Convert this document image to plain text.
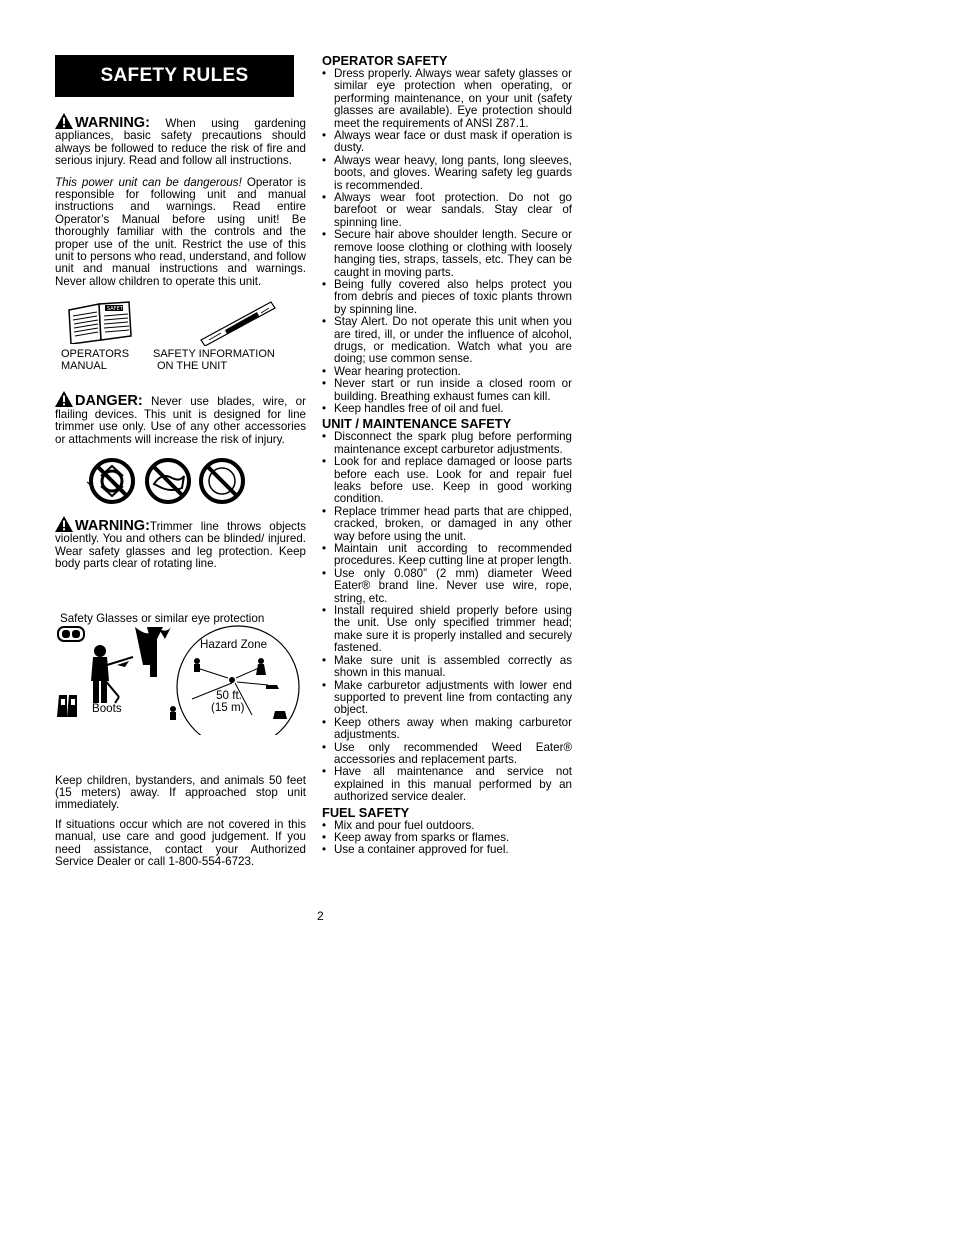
SAFETY RULES

WARNING: When using gardening appliances, basic safety precautions should always be followed to reduce the risk of fire and serious injury. Read and follow all instructions.

This power unit can be dangerous! Operator is responsible for following unit and manual instructions and warnings. Read entire Operator’s Manual before using unit! Be thoroughly familiar with the controls and the proper use of the unit. Restrict the use of this unit to persons who read, understand, and follow unit and manual instructions and warnings. Never allow children to operate this unit.

SAFETY
OPERATORS
MANUAL
SAFETY INFORMATION
ON THE UNIT

DANGER: Never use blades, wire, or flailing devices. This unit is designed for line trimmer use only. Use of any other accessories or attachments will increase the risk of injury.

WARNING:Trimmer line throws objects violently. You and others can be blinded/ injured. Wear safety glasses and leg protection. Keep body parts clear of rotating line.

Safety Glasses or similar eye protection
Hazard Zone
50 ft.
(15 m)
Boots

Keep children, bystanders, and animals 50 feet (15 meters) away. If approached stop unit immediately.

If situations occur which are not covered in this manual, use care and good judgement. If you need assistance, contact your Authorized Service Dealer or call 1-800-554-6723.

OPERATOR SAFETY
• Dress properly. Always wear safety glasses or similar eye protection when operating, or performing maintenance, on your unit (safety glasses are available). Eye protection should meet the requirements of ANSI Z87.1.
• Always wear face or dust mask if operation is dusty.
• Always wear heavy, long pants, long sleeves, boots, and gloves. Wearing safety leg guards is recommended.
• Always wear foot protection. Do not go barefoot or wear sandals. Stay clear of spinning line.
• Secure hair above shoulder length. Secure or remove loose clothing or clothing with loosely hanging ties, straps, tassels, etc. They can be caught in moving parts.
• Being fully covered also helps protect you from debris and pieces of toxic plants thrown by spinning line.
• Stay Alert. Do not operate this unit when you are tired, ill, or under the influence of alcohol, drugs, or medication. Watch what you are doing; use common sense.
• Wear hearing protection.
• Never start or run inside a closed room or building. Breathing exhaust fumes can kill.
• Keep handles free of oil and fuel.
UNIT / MAINTENANCE SAFETY
• Disconnect the spark plug before performing maintenance except carburetor adjustments.
• Look for and replace damaged or loose parts before each use. Look for and repair fuel leaks before use. Keep in good working condition.
• Replace trimmer head parts that are chipped, cracked, broken, or damaged in any other way before using the unit.
• Maintain unit according to recommended procedures. Keep cutting line at proper length.
• Use only 0.080” (2 mm) diameter Weed Eater® brand line. Never use wire, rope, string, etc.
• Install required shield properly before using the unit. Use only specified trimmer head; make sure it is properly installed and securely fastened.
• Make sure unit is assembled correctly as shown in this manual.
• Make carburetor adjustments with lower end supported to prevent line from contacting any object.
• Keep others away when making carburetor adjustments.
• Use only recommended Weed Eater® accessories and replacement parts.
• Have all maintenance and service not explained in this manual performed by an authorized service dealer.
FUEL SAFETY
• Mix and pour fuel outdoors.
• Keep away from sparks or flames.
• Use a container approved for fuel.
2
